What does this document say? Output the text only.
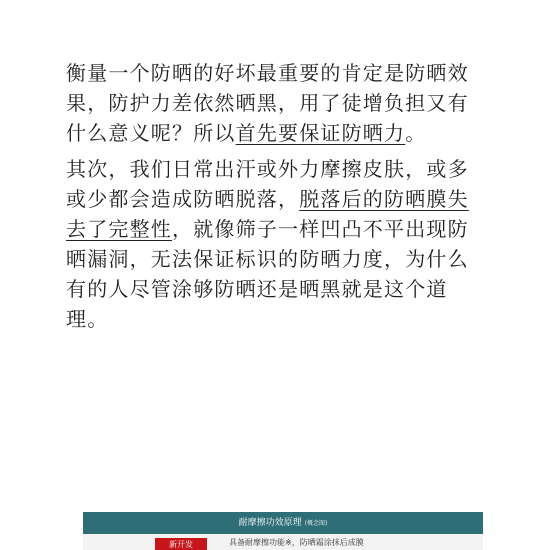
衡量一个防晒的好坏最重要的肯定是防晒效
果，防护力差依然晒黑，用了徒增负担又有
什么意义呢？所以首先要保证防晒力。
其次，我们日常出汗或外力摩擦皮肤，或多
或少都会造成防晒脱落，脱落后的防晒膜失
去了完整性，就像筛子一样凹凸不平出现防
晒漏洞，无法保证标识的防晒力度，为什么
有的人尽管涂够防晒还是晒黑就是这个道
理。
耐摩擦功效原理 (概念图)
新开发	具备耐摩擦功能※，防晒霜涂抹后成膜
